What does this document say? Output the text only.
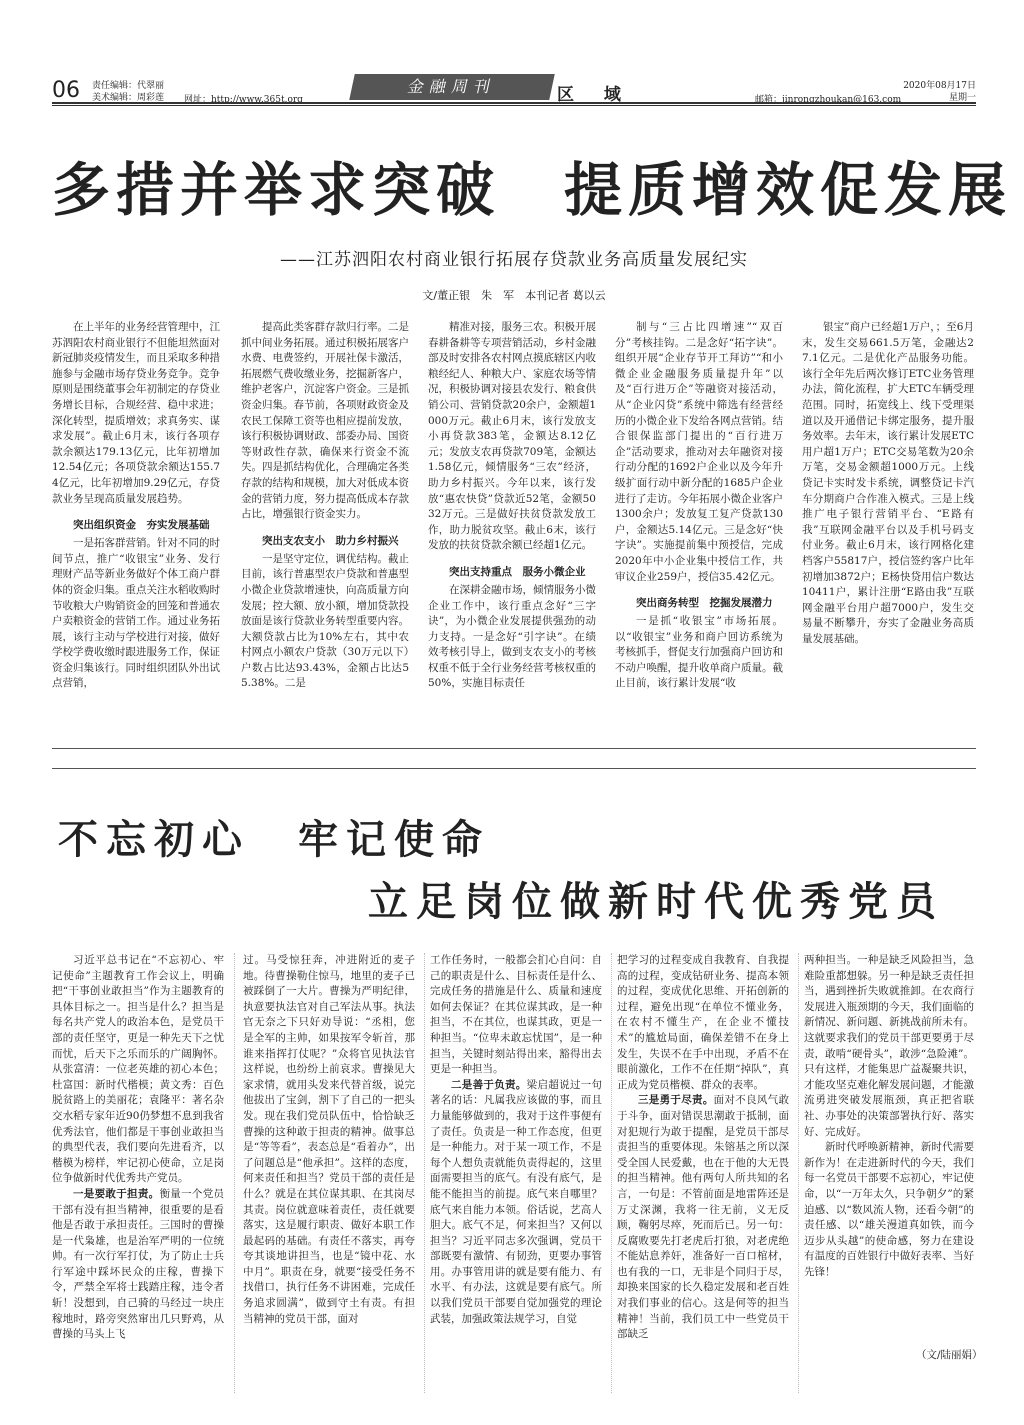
06 责任编辑：代翠丽
美术编辑：周彩莲 网址：http://www.365t.org
金融周刊	区 域	邮箱：jinrongzhoukan@163.com
2020年08月17日
星期一
多措并举求突破　提质增效促发展
——江苏泗阳农村商业银行拓展存贷款业务高质量发展纪实
文/董正银　朱　军　本刊记者 葛以云

在上半年的业务经营管理中，江苏泗阳农村商业银行不但能坦然面对新冠肺炎疫情发生，而且采取多种措施参与金融市场存贷业务竞争。竞争原则是围绕董事会年初制定的存贷业务增长目标，合规经营、稳中求进；深化转型，提质增效；求真务实、谋求发展”。截止6月末，该行各项存款余额达179.13亿元，比年初增加12.54亿元；各项贷款余额达155.74亿元，比年初增加9.29亿元，存贷款业务呈现高质量发展趋势。

突出组织资金　夯实发展基础

一是拓客群营销。针对不同的时间节点，推广“收银宝”业务、发行理财产品等新业务做好个体工商户群体的资金归集。重点关注水稻收购时节收粮大户购销资金的回笼和普通农户卖粮资金的营销工作。通过业务拓展，该行主动与学校进行对接，做好学校学费收缴时跟进服务工作，保证资金归集该行。同时组织团队外出试点营销，

提高此类客群存款归行率。二是抓中间业务拓展。通过积极拓展客户水费、电费签约，开展社保卡激活，拓展燃气费收缴业务，挖掘新客户，维护老客户，沉淀客户资金。三是抓资金归集。春节前，各项财政资金及农民工保障工资等也相应提前发放，该行积极协调财政、部委办局、国资等财政性存款，确保来行资金不流失。四是抓结构优化，合理确定各类存款的结构和规模，加大对低成本资金的营销力度，努力提高低成本存款占比，增强银行资金实力。

突出支农支小　助力乡村振兴

一是坚守定位，调优结构。截止目前，该行普惠型农户贷款和普惠型小微企业贷款增速快，向高质量方向发展；控大额、放小额，增加贷款投放面是该行贷款业务转型重要内容。大额贷款占比为10%左右，其中农村网点小额农户贷款（30万元以下）户数占比达93.43%，金额占比达55.38%。二是

精准对接，服务三农。积极开展春耕备耕等专项营销活动，乡村金融部及时安排各农村网点摸底辖区内收粮经纪人、种粮大户、家庭农场等情况，积极协调对接县农发行、粮食供销公司、营销贷款20余户，金额超1000万元。截止6月末，该行发放支小再贷款383笔，金额达8.12亿元；发放支农再贷款709笔，金额达1.58亿元，倾情服务“三农”经济，助力乡村振兴。今年以来，该行发放“惠农快贷”贷款近52笔，金额5032万元。三是做好扶贫贷款发放工作，助力脱贫攻坚。截止6末，该行发放的扶贫贷款余额已经超1亿元。

突出支持重点　服务小微企业

在深耕金融市场，倾情服务小微企业工作中，该行重点念好“三字诀”，为小微企业发展提供强劲的动力支持。一是念好“引字诀”。在绩效考核引导上，做到支农支小的考核权重不低于全行业务经营考核权重的50%，实施目标责任

制与“三占比四增速”“双百分”考核挂钩。二是念好“拓字诀”。组织开展“企业存节开工拜访”“和小微企业金融服务质量提升年”以及“百行进万企”等融资对接活动，从“企业闪贷”系统中筛选有经营经历的小微企业下发给各网点营销。结合银保监部门提出的“百行进万企”活动要求，推动对去年融资对接行动分配的1692户企业以及今年升级扩面行动中新分配的1685户企业进行了走访。今年拓展小微企业客户1300余户；发放复工复产贷款130户，金额达5.14亿元。三是念好“快字诀”。实施提前集中预授信，完成2020年中小企业集中授信工作，共审议企业259户，授信35.42亿元。

突出商务转型　挖掘发展潜力

一是抓“收银宝”市场拓展。以“收银宝”业务和商户回访系统为考核抓手，督促支行加强商户回访和不动户唤醒，提升收单商户质量。截止目前，该行累计发展“收

银宝”商户已经超1万户，；至6月末，发生交易661.5万笔，金融达27.1亿元。二是优化产品服务功能。该行全年先后两次修订ETC业务管理办法，简化流程，扩大ETC车辆受理范围。同时，拓宽线上、线下受理渠道以及开通借记卡绑定服务，提升服务效率。去年末，该行累计发展ETC用户超1万户；ETC交易笔数为20余万笔，交易金额超1000万元。上线贷记卡实时发卡系统，调整贷记卡汽车分期商户合作准入模式。三是上线推广电子银行营销平台、“E路有我”互联网金融平台以及手机号码支付业务。截止6月末，该行网格化建档客户55817户，授信签约客户比年初增加3872户；E杨快贷用信户数达10411户，累计注册“E路由我”互联网金融平台用户超7000户，发生交易量不断攀升，夯实了金融业务高质量发展基础。

不忘初心　牢记使命
立足岗位做新时代优秀党员

习近平总书记在“不忘初心、牢记使命”主题教育工作会议上，明确把“干事创业敢担当”作为主题教育的具体目标之一。担当是什么？担当是每名共产党人的政治本色，是党员干部的责任坚守，更是一种先天下之忧而忧，后天下之乐而乐的广阔胸怀。从张富清：一位老英雄的初心本色；杜富国：新时代楷模；黄文秀：百色脱贫路上的美丽花；袁隆平：著名杂交水稻专家年近90仍梦想不息到我省优秀法官，他们都是干事创业敢担当的典型代表，我们要向先进看齐，以楷模为榜样，牢记初心使命，立足岗位争做新时代优秀共产党员。

一是要敢于担责。衡量一个党员干部有没有担当精神，很重要的是看他是否敢于承担责任。三国时的曹操是一代枭雄，也是治军严明的一位统帅。有一次行军打仗，为了防止士兵行军途中踩坏民众的庄稼，曹操下令，严禁全军将士践踏庄稼，违令者斩！没想到，自己骑的马经过一块庄稼地时，路旁突然窜出几只野鸡，从曹操的马头上飞

过。马受惊狂奔，冲进附近的麦子地。待曹操勒住惊马，地里的麦子已被踩倒了一大片。曹操为严明纪律，执意要执法官对自己军法从事。执法官无奈之下只好劝导说：“丞相，您是全军的主帅，如果按军令斩首，那谁来指挥打仗呢？”众将官见执法官这样说，也纷纷上前哀求。曹操见大家求情，就用头发来代替首级，说完他拔出了宝剑，割下了自己的一把头发。现在我们党员队伍中，恰恰缺乏曹操的这种敢于担责的精神。做事总是“等等看”，表态总是“看着办”，出了问题总是“他承担”。这样的态度，何来责任和担当？党员干部的责任是什么？就是在其位谋其职、在其岗尽其责。岗位就意味着责任，责任就要落实，这是履行职责、做好本职工作最起码的基础。有责任不落实，再夸夸其谈地讲担当，也是“镜中花、水中月”。职责在身，就要“接受任务不找借口，执行任务不讲困难，完成任务追求圆满”，做到守土有责。有担当精神的党员干部，面对

工作任务时，一般都会扪心自问：自己的职责是什么、目标责任是什么、完成任务的措施是什么、质量和速度如何去保证？在其位谋其政，是一种担当，不在其位，也谋其政，更是一种担当。“位卑未敢忘忧国”，是一种担当，关键时刻站得出来，豁得出去更是一种担当。

二是善于负责。梁启超说过一句著名的话：凡属我应该做的事，而且力量能够做到的，我对于这件事便有了责任。负责是一种工作态度，但更是一种能力。对于某一项工作，不是每个人想负责就能负责得起的，这里面需要担当的底气。有没有底气，是能不能担当的前提。底气来自哪里？底气来自能力本领。俗话说，艺高人胆大。底气不足，何来担当？又何以担当？习近平同志多次强调，党员干部既要有激情、有韧劲，更要办事管用。办事管用讲的就是要有能力、有水平、有办法，这就是要有底气。所以我们党员干部要自觉加强党的理论武装，加强政策法规学习，自觉

把学习的过程变成自我教育、自我提高的过程，变成钻研业务、提高本领的过程，变成优化思维、开拓创新的过程，避免出现“在单位不懂业务，在农村不懂生产，在企业不懂技术”的尴尬局面，确保差错不在身上发生，失误不在手中出现，矛盾不在眼前激化，工作不在任期“掉队”，真正成为党员楷模、群众的表率。

三是勇于尽责。面对不良风气敢于斗争，面对错误思潮敢于抵制，面对犯规行为敢于提醒，是党员干部尽责担当的重要体现。朱镕基之所以深受全国人民爱戴，也在于他的大无畏的担当精神。他有两句人所共知的名言，一句是：不管前面是地雷阵还是万丈深渊，我将一往无前，义无反顾，鞠躬尽瘁，死而后已。另一句：反腐败要先打老虎后打狼，对老虎绝不能姑息养奸，准备好一百口棺材，也有我的一口，无非是个同归于尽，却换来国家的长久稳定发展和老百姓对我们事业的信心。这是何等的担当精神！当前，我们员工中一些党员干部缺乏

两种担当。一种是缺乏风险担当，急难险重都想躲。另一种是缺乏责任担当，遇到挫折失败就推卸。在农商行发展进入瓶颈期的今天，我们面临的新情况、新问题、新挑战前所未有。这就要求我们的党员干部更要勇于尽责，敢啃“硬骨头”，敢涉“急险滩”。只有这样，才能集思广益凝聚共识，才能攻坚克难化解发展问题，才能激流勇进突破发展瓶颈，真正把省联社、办事处的决策部署执行好、落实好、完成好。

新时代呼唤新精神，新时代需要新作为！在走进新时代的今天，我们每一名党员干部要不忘初心，牢记使命，以“一万年太久，只争朝夕”的紧迫感、以“数风流人物，还看今朝”的责任感、以“雄关漫道真如铁，而今迈步从头越”的使命感，努力在建设有温度的百姓银行中做好表率、当好先锋！

（文/陆丽娟）
